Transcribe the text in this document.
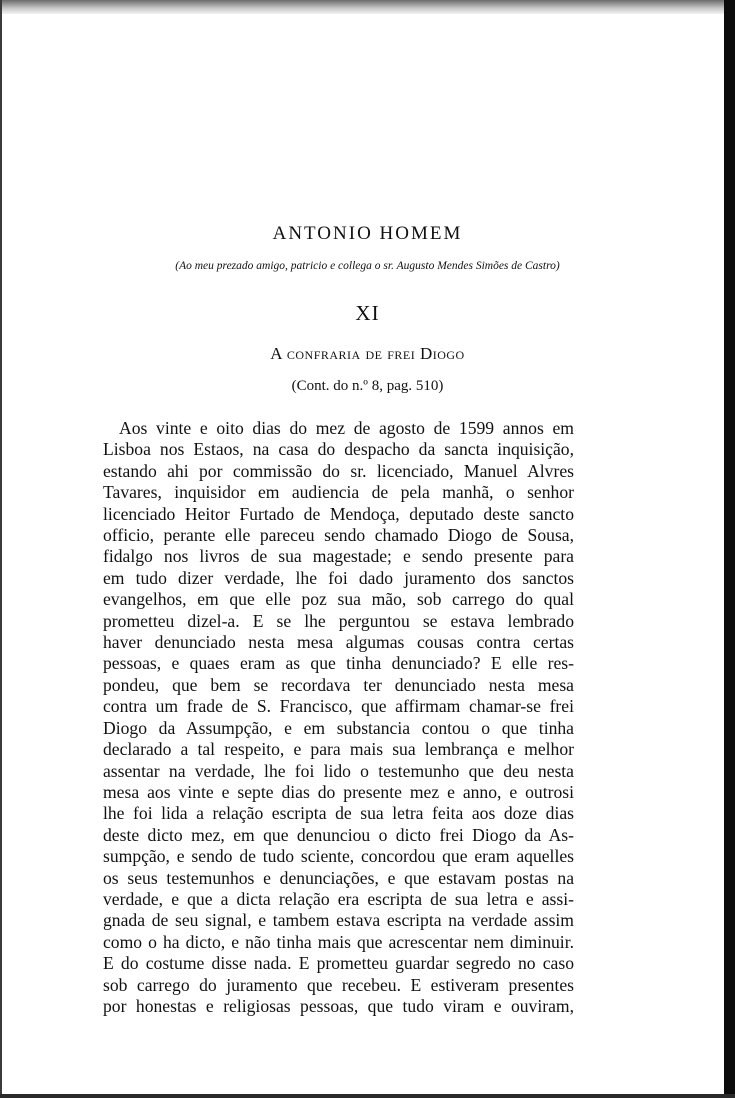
ANTONIO HOMEM
(Ao meu prezado amigo, patricio e collega o sr. Augusto Mendes Simões de Castro)
XI
A confraria de frei Diogo
(Cont. do n.º 8, pag. 510)
Aos vinte e oito dias do mez de agosto de 1599 annos em
Lisboa nos Estaos, na casa do despacho da sancta inquisição,
estando ahi por commissão do sr. licenciado, Manuel Alvres
Tavares, inquisidor em audiencia de pela manhã, o senhor
licenciado Heitor Furtado de Mendoça, deputado deste sancto
officio, perante elle pareceu sendo chamado Diogo de Sousa,
fidalgo nos livros de sua magestade; e sendo presente para
em tudo dizer verdade, lhe foi dado juramento dos sanctos
evangelhos, em que elle poz sua mão, sob carrego do qual
prometteu dizel-a. E se lhe perguntou se estava lembrado
haver denunciado nesta mesa algumas cousas contra certas
pessoas, e quaes eram as que tinha denunciado? E elle res-
pondeu, que bem se recordava ter denunciado nesta mesa
contra um frade de S. Francisco, que affirmam chamar-se frei
Diogo da Assumpção, e em substancia contou o que tinha
declarado a tal respeito, e para mais sua lembrança e melhor
assentar na verdade, lhe foi lido o testemunho que deu nesta
mesa aos vinte e septe dias do presente mez e anno, e outrosi
lhe foi lida a relação escripta de sua letra feita aos doze dias
deste dicto mez, em que denunciou o dicto frei Diogo da As-
sumpção, e sendo de tudo sciente, concordou que eram aquelles
os seus testemunhos e denunciações, e que estavam postas na
verdade, e que a dicta relação era escripta de sua letra e assi-
gnada de seu signal, e tambem estava escripta na verdade assim
como o ha dicto, e não tinha mais que acrescentar nem diminuir.
E do costume disse nada. E prometteu guardar segredo no caso
sob carrego do juramento que recebeu. E estiveram presentes
por honestas e religiosas pessoas, que tudo viram e ouviram,
